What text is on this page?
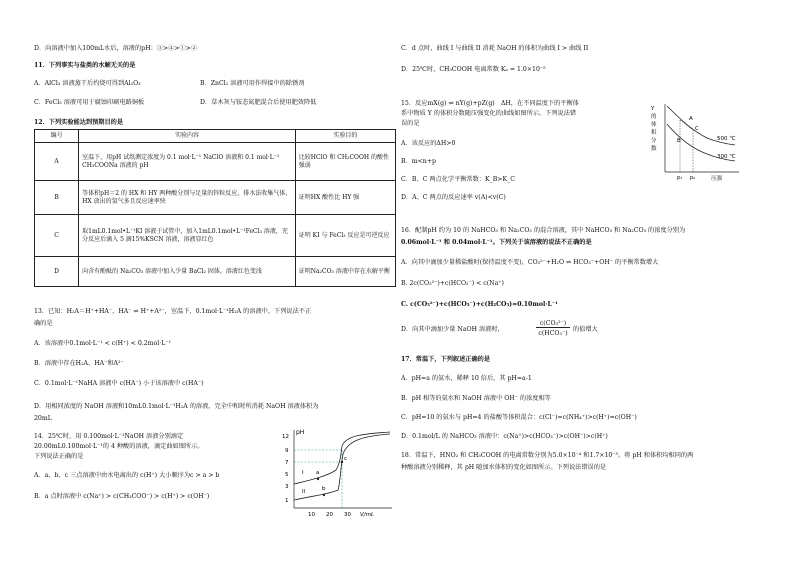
D．向溶液中加入100mL水后，溶液的pH：③>④>①>②
11．下列事实与盐类的水解无关的是
A．AlCl₃ 溶液蒸干后灼烧可得到Al₂O₃	B．ZnCl₂ 溶液可用作焊接中的除锈剂
C．FeCl₃ 溶液可用于腐蚀印刷电路铜板	D．草木灰与铵态氮肥混合后使用肥效降低
12．下列实验能达到预期目的是
编号	实验内容	实验目的
A	室温下，用pH 试纸测定浓度为 0.1 mol·L⁻¹ NaClO 溶液和 0.1 mol·L⁻¹ CH₃COONa 溶液的 pH	比较HClO 和 CH₃COOH 的酸性强弱
B	等体积pH＝2 的 HX 和 HY 两种酸分别与足量的锌粒反应，排水法收集气体，HX 放出的氢气多且反应速率快	证明HX 酸性比 HY 强
C	取1mL0.1mol•L⁻¹KI 溶液于试管中，加入1mL0.1mol•L⁻¹FeCl₃ 溶液，充分反应后滴入 5 滴15%KSCN 溶液，溶液显红色	证明 KI 与 FeCl₃ 反应是可逆反应
D	向含有酚酞的 Na₂CO₃ 溶液中加入少量 BaCl₂ 固体，溶液红色变浅	证明Na₂CO₃ 溶液中存在水解平衡
13．已知：H₂A＝H⁺+HA⁻，HA⁻ ⇌ H⁺+A²⁻，室温下，0.1mol·L⁻¹H₂A 的溶液中，下列说法不正
确的是
A．该溶液中0.1mol·L⁻¹ < c(H⁺) < 0.2mol·L⁻¹
B．溶液中存在H₂A、HA⁻和A²⁻
C．0.1mol·L⁻¹NaHA 溶液中 c(HA⁻) 小于该溶液中 c(HA⁻)
D．用相同浓度的 NaOH 溶液和10mL0.1mol·L⁻¹H₂A 的溶液，完全中和时所消耗 NaOH 溶液体积为
20mL
14．25℃时，用 0.100mol·L⁻¹NaOH 溶液分别滴定
20.00mL0.100mol·L⁻¹的 4 种酸的溶液，滴定曲如图所示。
下列说法正确的是
A．a、b、c 三点溶液中由水电离出的 c(H⁺) 大小顺序为c > a > b
B．a 点时溶液中 c(Na⁺) > c(CH₃COO⁻) > c(H⁺) > c(OH⁻)
pH
12
9
7
5
3
1
I
II
a
b
c
10 20 30 V/mL
C．d 点时，曲线 I 与曲线 II 消耗 NaOH 的体积为曲线 I > 曲线 II
D．25℃时，CH₃COOH 电离常数 Kₐ = 1.0×10⁻⁵
15．反应mX(g) ⇌ nY(g)+pZ(g)　ΔH，在不同温度下的平衡体
系中物质 Y 的体积分数随压强变化的曲线如图所示。下列说法错
误的是
A．该反应的ΔH>0
B．m<n+p
C．B、C 两点化学平衡常数：K_B>K_C
D．A、C 两点的反应速率 v(A)<v(C)
Y
的
体
积
分
数
A
B
C
500 ℃
300 ℃
p₁ p₂	压强
16．配制pH 约为 10 的 NaHCO₃ 和 Na₂CO₃ 的混合溶液，其中 NaHCO₃ 和 Na₂CO₃ 的浓度分别为
0.06mol·L⁻¹ 和 0.04mol·L⁻¹。下列关于该溶液的说法不正确的是
A．向其中滴加少量稀盐酸时(保持温度不变)，CO₃²⁻+H₂O ⇌ HCO₃⁻+OH⁻ 的平衡常数增大
B. 2c(CO₃²⁻)+c(HCO₃⁻) < c(Na⁺)
C. c(CO₃²⁻)+c(HCO₃⁻)+c(H₂CO₃)=0.10mol·L⁻¹
D．向其中滴加少量 NaOH 溶液时，
c(CO₃²⁻)
c(HCO₃⁻)
的值增大
17．常温下，下列叙述正确的是
A．pH=a 的氨水，稀释 10 倍后，其 pH=a-1
B．pH 相等的氨水和 NaOH 溶液中 OH⁻ 的浓度相等
C．pH=10 的氨水与 pH=4 的盐酸等体积混合：c(Cl⁻)=c(NH₄⁺)>c(H⁺)=c(OH⁻)
D．0.1mol/L 的 NaHCO₃ 溶液中：c(Na⁺)>c(HCO₃⁻)>c(OH⁻)>c(H⁺)
18．常温下，HNO₂ 和 CH₃COOH 的电离常数分别为5.0×10⁻⁴ 和1.7×10⁻⁵。将 pH 和体积均相同的两
种酸溶液分别稀释，其 pH 随加水体积的变化如图所示。下列说法错误的是
